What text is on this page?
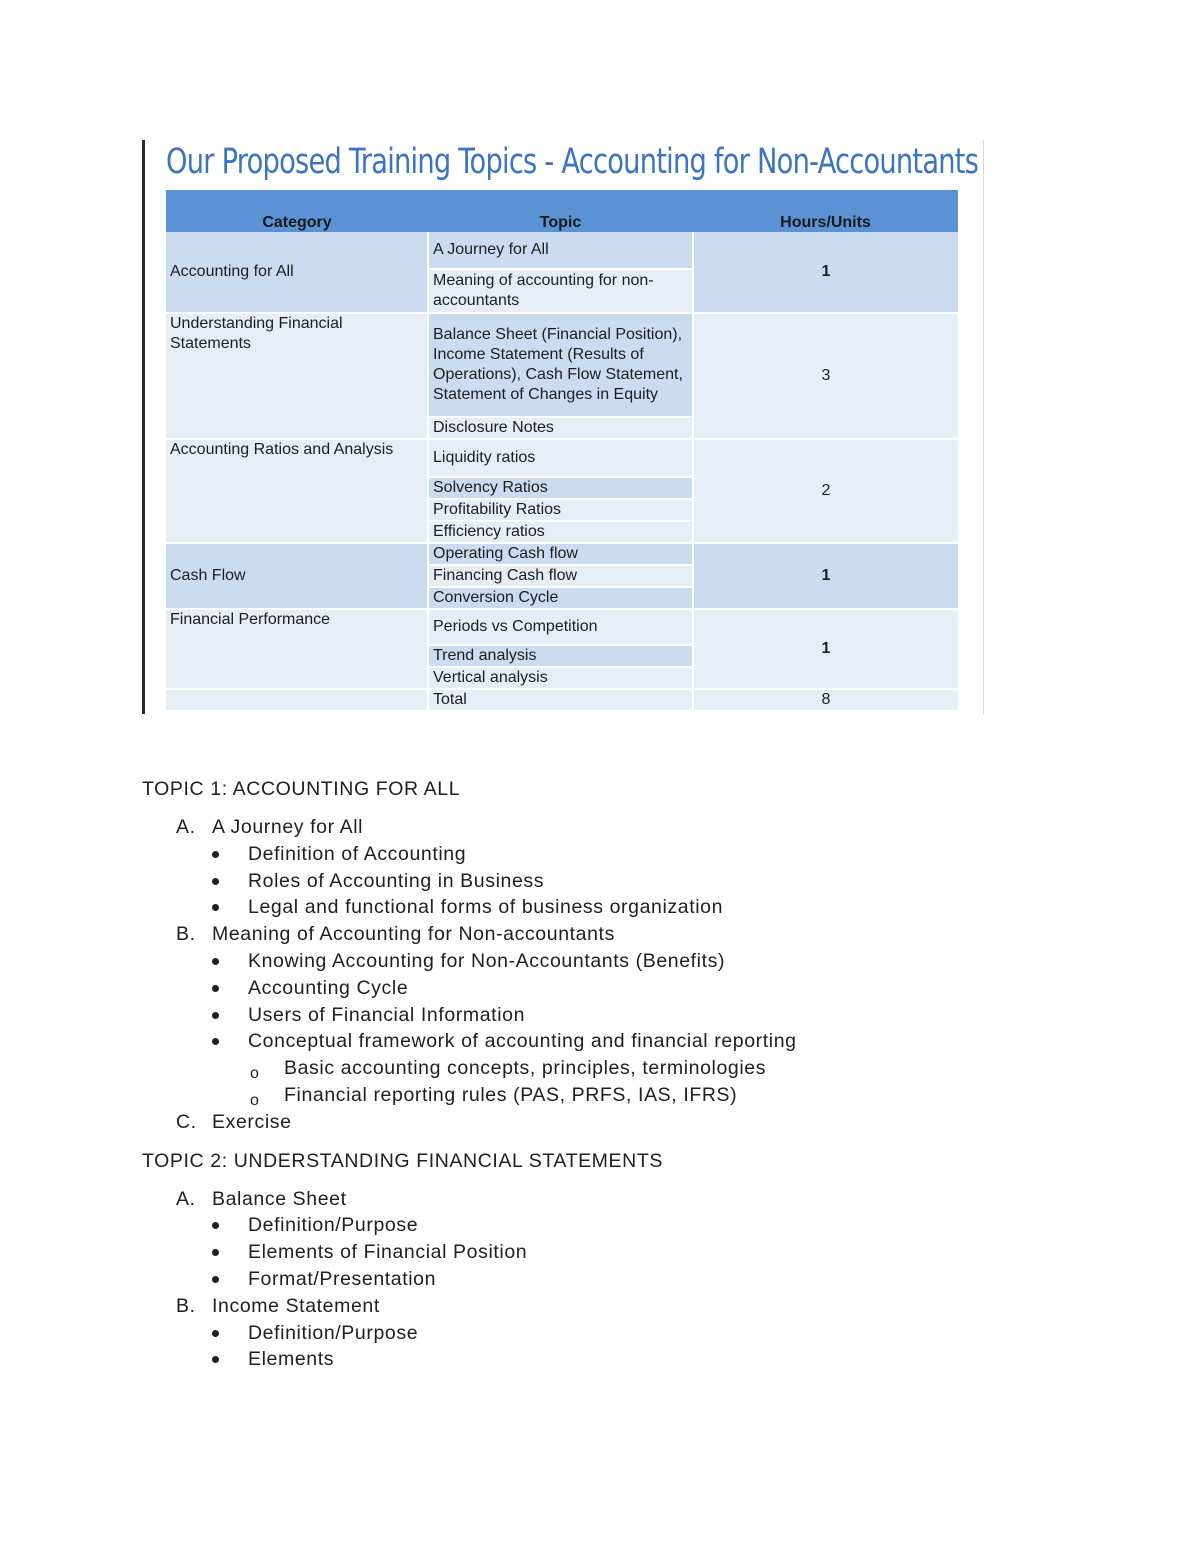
Our Proposed Training Topics - Accounting for Non-Accountants
Category	Topic	Hours/Units
Accounting for All	A Journey for All	1
	Meaning of accounting for non-accountants	
Understanding Financial Statements	Balance Sheet (Financial Position), Income Statement (Results of Operations), Cash Flow Statement, Statement of Changes in Equity	3
	Disclosure Notes	
Accounting Ratios and Analysis	Liquidity ratios	2
	Solvency Ratios	
	Profitability Ratios	
	Efficiency ratios	
Cash Flow	Operating Cash flow	1
	Financing Cash flow	
	Conversion Cycle	
Financial Performance	Periods vs Competition	1
	Trend analysis	
	Vertical analysis	
	Total	8
TOPIC 1: ACCOUNTING FOR ALL
A. A Journey for All
Definition of Accounting
Roles of Accounting in Business
Legal and functional forms of business organization
B. Meaning of Accounting for Non-accountants
Knowing Accounting for Non-Accountants (Benefits)
Accounting Cycle
Users of Financial Information
Conceptual framework of accounting and financial reporting
o Basic accounting concepts, principles, terminologies
o Financial reporting rules (PAS, PRFS, IAS, IFRS)
C. Exercise
TOPIC 2: UNDERSTANDING FINANCIAL STATEMENTS
A. Balance Sheet
Definition/Purpose
Elements of Financial Position
Format/Presentation
B. Income Statement
Definition/Purpose
Elements
